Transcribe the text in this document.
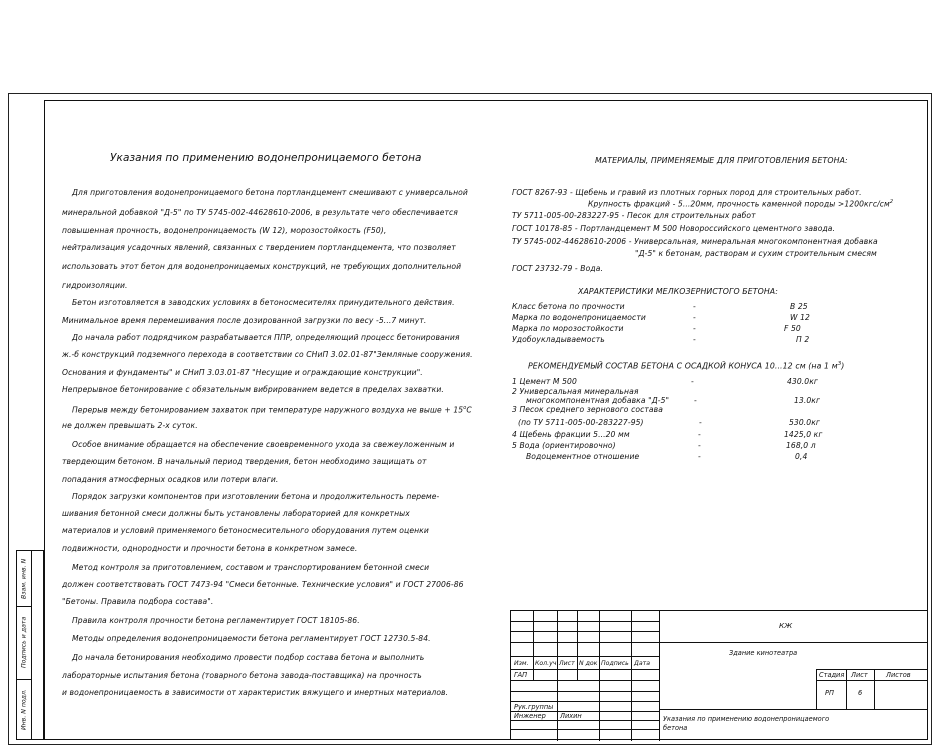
Указания по применению водонепроницаемого бетона
Для приготовления водонепроницаемого бетона портландцемент смешивают с универсальной
минеральной добавкой "Д-5" по ТУ 5745-002-44628610-2006, в результате чего обеспечивается
повышенная прочность, водонепроницаемость (W 12), морозостойкость (F50),
нейтрализация усадочных явлений, связанных с твердением портландцемента, что позволяет
использовать этот бетон для водонепроницаемых конструкций, не требующих дополнительной
гидроизоляции.
Бетон изготовляется в заводских условиях в бетоносмесителях принудительного действия.
Минимальное время перемешивания после дозированной загрузки по весу -5...7 минут.
До начала работ подрядчиком разрабатывается ППР, определяющий процесс бетонирования
ж.-б конструкций подземного перехода в соответствии со СНиП 3.02.01-87"Земляные сооружения.
Основания и фундаменты" и СНиП 3.03.01-87 "Несущие и ограждающие конструкции".
Непрерывное бетонирование с обязательным вибрированием ведется в пределах захватки.
Перерыв между бетонированием захваток при температуре наружного воздуха не выше + $15^оС$
не должен превышать 2-х суток.
Особое внимание обращается на обеспечение своевременного ухода за свежеуложенным и
твердеющим бетоном. В начальный период твердения, бетон необходимо защищать от
попадания атмосферных осадков или потери влаги.
Порядок загрузки компонентов при изготовлении бетона и продолжительность переме-
шивания бетонной смеси должны быть установлены лабораторией для конкретных
материалов и условий применяемого бетоносмесительного оборудования путем оценки
подвижности, однородности и прочности бетона в конкретном замесе.
Метод контроля за приготовлением, составом и транспортированием бетонной смеси
должен соответствовать ГОСТ 7473-94 "Смеси бетонные. Технические условия" и ГОСТ 27006-86
"Бетоны. Правила подбора состава".
Правила контроля прочности бетона регламентирует ГОСТ 18105-86.
Методы определения водонепроницаемости бетона регламентирует ГОСТ 12730.5-84.
До начала бетонирования необходимо провести подбор состава бетона и выполнить
лабораторные испытания бетона (товарного бетона завода-поставщика) на прочность
и водонепроницаемость в зависимости от характеристик вяжущего и инертных материалов.
МАТЕРИАЛЫ, ПРИМЕНЯЕМЫЕ ДЛЯ ПРИГОТОВЛЕНИЯ БЕТОНА:
ГОСТ 8267-93 - Щебень и гравий из плотных горных пород для строительных работ.
Крупность фракций - 5...20мм, прочность каменной породы $>1200кгс/см^2$
ТУ 5711-005-00-283227-95 - Песок для строительных работ
ГОСТ 10178-85 - Портландцемент М 500 Новороссийского цементного завода.
ТУ 5745-002-44628610-2006 - Универсальная, минеральная многокомпонентная добавка
"Д-5" к бетонам, растворам и сухим строительным смесям
ГОСТ 23732-79 - Вода.
ХАРАКТЕРИСТИКИ МЕЛКОЗЕРНИСТОГО БЕТОНА:
Класс бетона по прочности	-	В 25
Марка по водонепроницаемости	-	W 12
Марка по морозостойкости	-	F 50
Удобоукладываемость	-	П 2
РЕКОМЕНДУЕМЫЙ СОСТАВ БЕТОНА С ОСАДКОЙ КОНУСА 10...12 см (на 1 $м^3$)
1 Цемент М 500	-	430.0кг
2 Универсальная минеральная
многокомпонентная добавка "Д-5"	-	13.0кг
3 Песок среднего зернового состава
(по ТУ 5711-005-00-283227-95)	-	530.0кг
4 Щебень фракции 5...20 мм	-	1425,0 кг
5 Вода (ориентировочно)	-	168,0 л
Водоцементное отношение	-	0,4
Взам. инв. N
Подпись и дата
Инв. N подл.
КЖ
Здание кинотеатра
Изм. Кол.уч Лист N док Подпись Дата
ГАП
Рук.группы
Инженер Лихин
Стадия Лист	Листов
РП	6
Указания по применению водонепроницаемого
бетона
